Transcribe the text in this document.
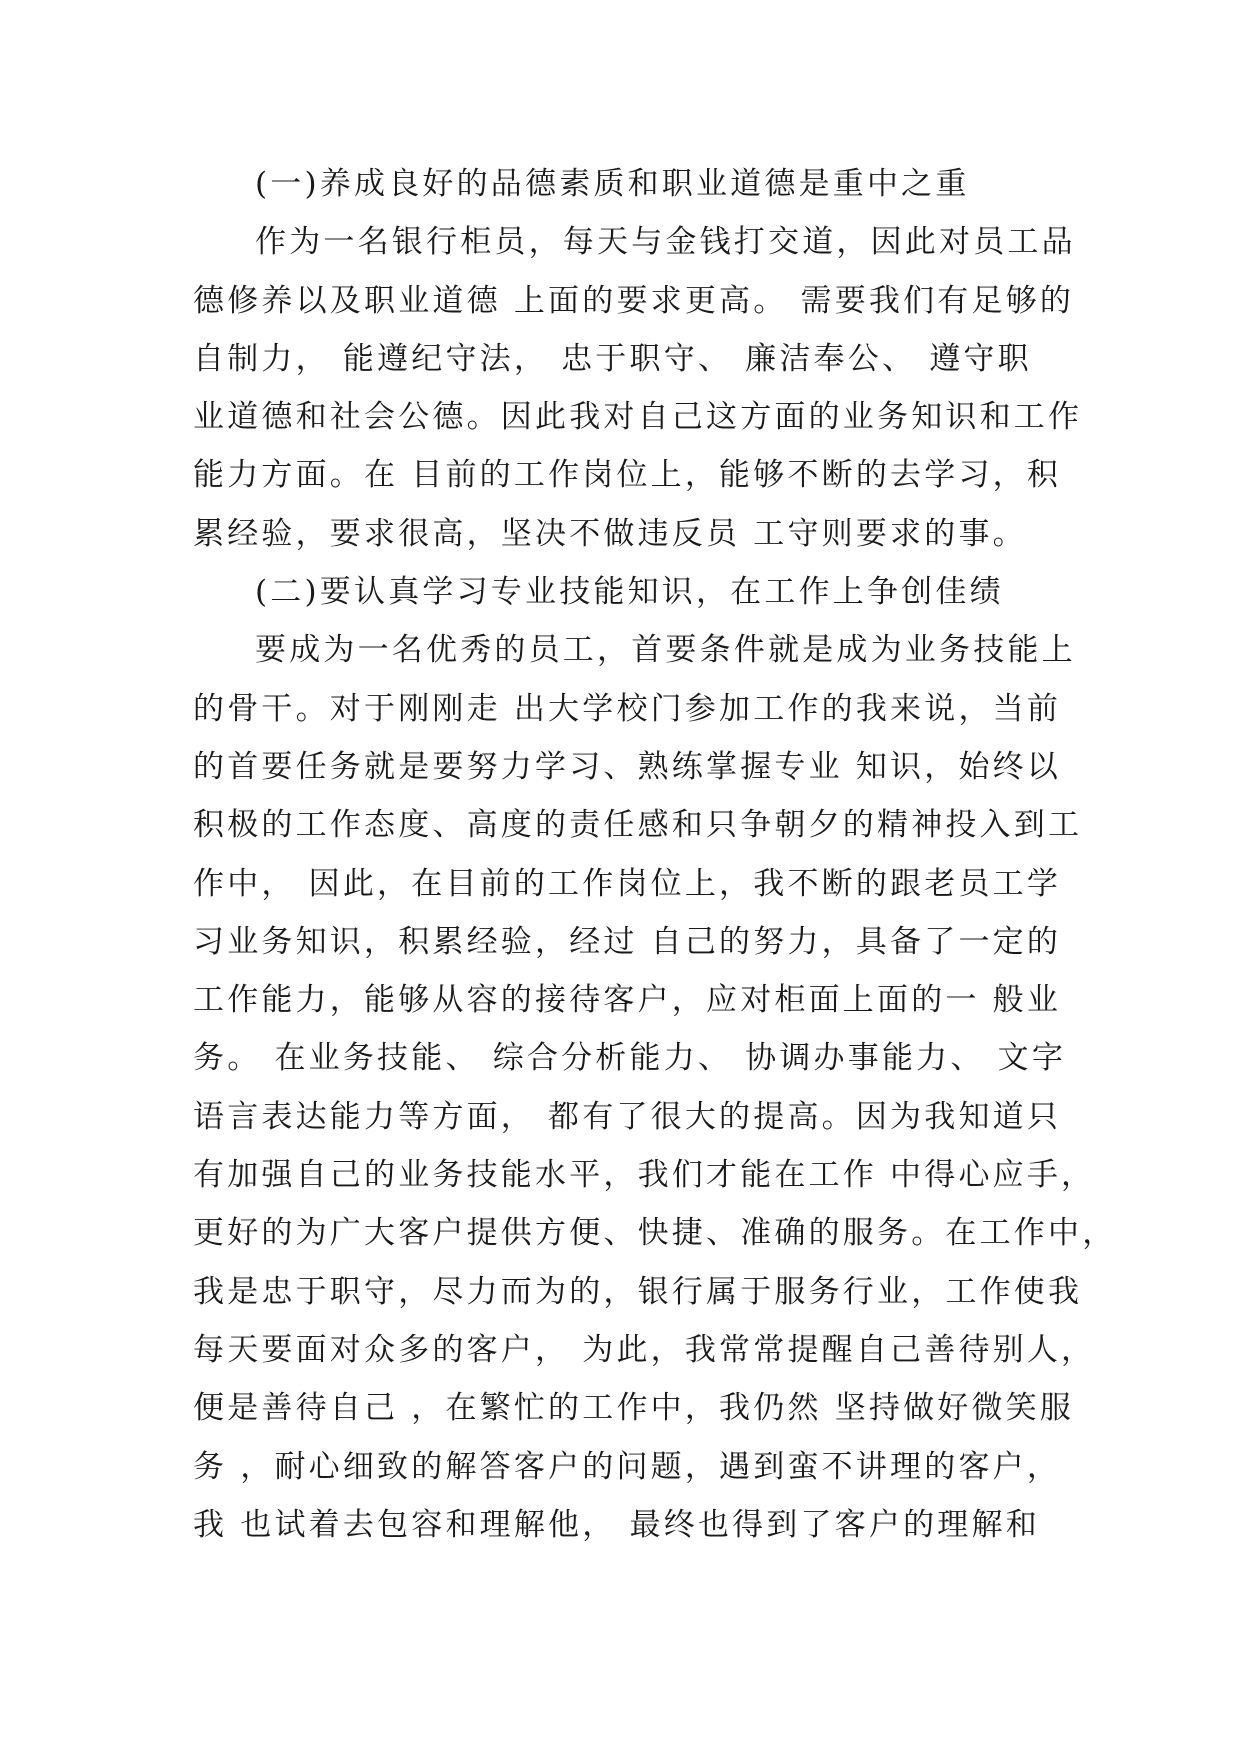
(一)养成良好的品德素质和职业道德是重中之重
作为一名银行柜员，每天与金钱打交道，因此对员工品
德修养以及职业道德 上面的要求更高。 需要我们有足够的
自制力， 能遵纪守法， 忠于职守、 廉洁奉公、 遵守职
业道德和社会公德。因此我对自己这方面的业务知识和工作
能力方面。在 目前的工作岗位上，能够不断的去学习，积
累经验，要求很高，坚决不做违反员 工守则要求的事。
(二)要认真学习专业技能知识，在工作上争创佳绩
要成为一名优秀的员工，首要条件就是成为业务技能上
的骨干。对于刚刚走 出大学校门参加工作的我来说，当前
的首要任务就是要努力学习、熟练掌握专业 知识，始终以
积极的工作态度、高度的责任感和只争朝夕的精神投入到工
作中， 因此，在目前的工作岗位上，我不断的跟老员工学
习业务知识，积累经验，经过 自己的努力，具备了一定的
工作能力，能够从容的接待客户，应对柜面上面的一 般业
务。 在业务技能、 综合分析能力、 协调办事能力、 文字
语言表达能力等方面， 都有了很大的提高。因为我知道只
有加强自己的业务技能水平，我们才能在工作 中得心应手，
更好的为广大客户提供方便、快捷、准确的服务。在工作中，
我是忠于职守，尽力而为的，银行属于服务行业，工作使我
每天要面对众多的客户， 为此，我常常提醒自己善待别人，
便是善待自己 ，在繁忙的工作中，我仍然 坚持做好微笑服
务 ，耐心细致的解答客户的问题，遇到蛮不讲理的客户，
我 也试着去包容和理解他， 最终也得到了客户的理解和
